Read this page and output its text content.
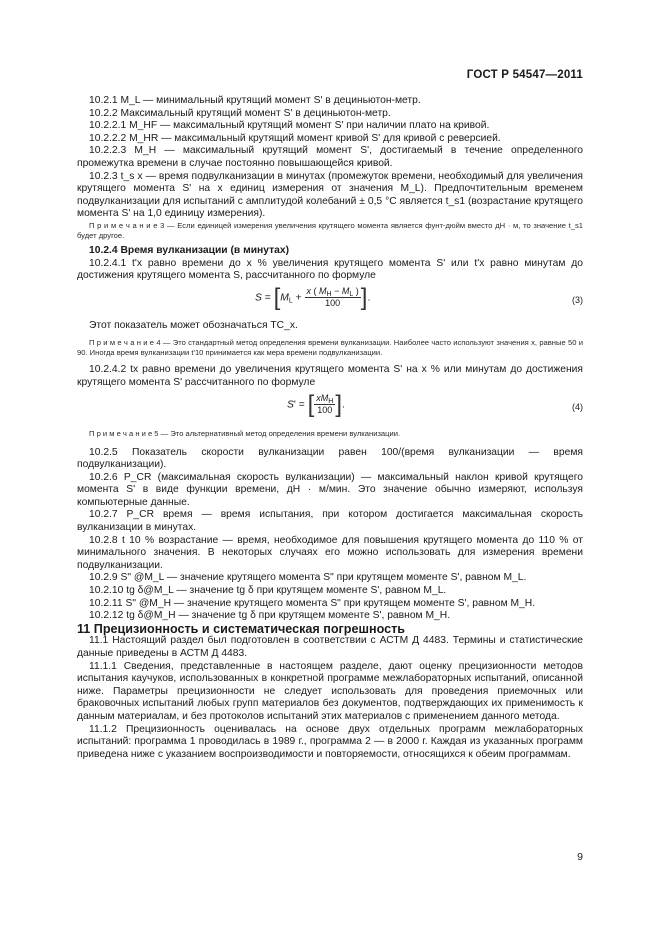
ГОСТ Р 54547—2011

10.2.1 M_L — минимальный крутящий момент S' в дециньютон-метр.

10.2.2 Максимальный крутящий момент S' в дециньютон-метр.

10.2.2.1 M_HF — максимальный крутящий момент S' при наличии плато на кривой.

10.2.2.2 M_HR — максимальный крутящий момент кривой S' для кривой с реверсией.

10.2.2.3 M_H — максимальный крутящий момент S', достигаемый в течение определенного промежутка времени в случае постоянно повышающейся кривой.

10.2.3 t_s x — время подвулканизации в минутах (промежуток времени, необходимый для увеличения крутящего момента S' на x единиц измерения от значения M_L). Предпочтительным временем подвулканизации для испытаний с амплитудой колебаний ± 0,5 °C является t_s1 (возрастание крутящего момента S' на 1,0 единицу измерения).

П р и м е ч а н и е 3 — Если единицей измерения увеличения крутящего момента является фунт-дюйм вместо дН · м, то значение t_s1 будет другое.

10.2.4 Время вулканизации (в минутах)

10.2.4.1 t'x равно времени до x % увеличения крутящего момента S' или t'x равно минутам до достижения крутящего момента S, рассчитанного по формуле

$S = [M_L + \frac{x ( M_H - M_L )}{100}$ ].	(3)

Этот показатель может обозначаться TC_x.

П р и м е ч а н и е 4 — Это стандартный метод определения времени вулканизации. Наиболее часто используют значения x, равные 50 и 90. Иногда время вулканизации t'10 принимается как мера времени подвулканизации.

10.2.4.2 tx равно времени до увеличения крутящего момента S' на x % или минутам до достижения крутящего момента S' рассчитанного по формуле

S' = [ $\frac{xM_H}{100}$ ].	(4)

П р и м е ч а н и е 5 — Это альтернативный метод определения времени вулканизации.

10.2.5 Показатель скорости вулканизации равен 100/(время вулканизации — время подвулканизации).

10.2.6 P_CR (максимальная скорость вулканизации) — максимальный наклон кривой крутящего момента S' в виде функции времени, дН · м/мин. Это значение обычно измеряют, используя компьютерные данные.

10.2.7 P_CR время — время испытания, при котором достигается максимальная скорость вулканизации в минутах.

10.2.8 t 10 % возрастание — время, необходимое для повышения крутящего момента до 110 % от минимального значения. В некоторых случаях его можно использовать для измерения времени подвулканизации.

10.2.9 S" @M_L — значение крутящего момента S" при крутящем моменте S', равном M_L.

10.2.10 tg δ@M_L — значение tg δ при крутящем моменте S', равном M_L.

10.2.11 S" @M_H — значение крутящего момента S" при крутящем моменте S', равном M_H.

10.2.12 tg δ@M_H — значение tg δ при крутящем моменте S', равном M_H.

11 Прецизионность и систематическая погрешность

11.1 Настоящий раздел был подготовлен в соответствии с АСТМ Д 4483. Термины и статистические данные приведены в АСТМ Д 4483.

11.1.1 Сведения, представленные в настоящем разделе, дают оценку прецизионности методов испытания каучуков, использованных в конкретной программе межлабораторных испытаний, описанной ниже. Параметры прецизионности не следует использовать для проведения приемочных или браковочных испытаний любых групп материалов без документов, подтверждающих их применимость к данным материалам, и без протоколов испытаний этих материалов с применением данного метода.

11.1.2 Прецизионность оценивалась на основе двух отдельных программ межлабораторных испытаний: программа 1 проводилась в 1989 г., программа 2 — в 2000 г. Каждая из указанных программ приведена ниже с указанием воспроизводимости и повторяемости, относящихся к обеим программам.

9
